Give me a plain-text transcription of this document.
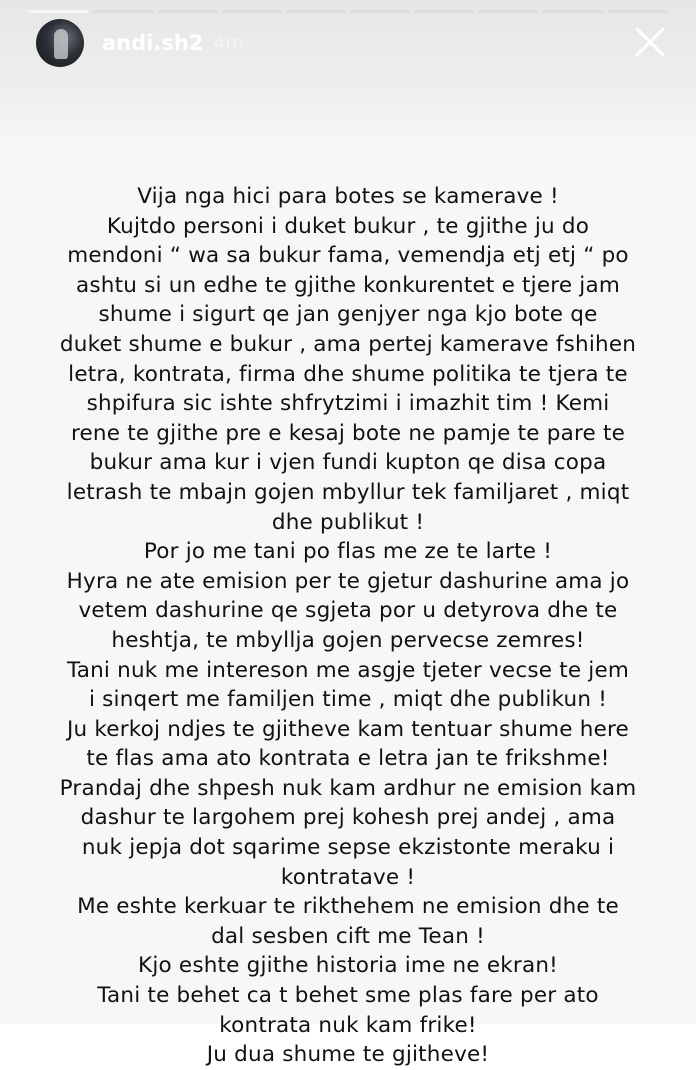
andi.sh2 4m
Vija nga hici para botes se kamerave !
Kujtdo personi i duket bukur , te gjithe ju do
mendoni “ wa sa bukur fama, vemendja etj etj “ po
ashtu si un edhe te gjithe konkurentet e tjere jam
shume i sigurt qe jan genjyer nga kjo bote qe
duket shume e bukur , ama pertej kamerave fshihen
letra, kontrata, firma dhe shume politika te tjera te
shpifura sic ishte shfrytzimi i imazhit tim ! Kemi
rene te gjithe pre e kesaj bote ne pamje te pare te
bukur ama kur i vjen fundi kupton qe disa copa
letrash te mbajn gojen mbyllur tek familjaret , miqt
dhe publikut !
Por jo me tani po flas me ze te larte !
Hyra ne ate emision per te gjetur dashurine ama jo
vetem dashurine qe sgjeta por u detyrova dhe te
heshtja, te mbyllja gojen pervecse zemres!
Tani nuk me intereson me asgje tjeter vecse te jem
i sinqert me familjen time , miqt dhe publikun !
Ju kerkoj ndjes te gjitheve kam tentuar shume here
te flas ama ato kontrata e letra jan te frikshme!
Prandaj dhe shpesh nuk kam ardhur ne emision kam
dashur te largohem prej kohesh prej andej , ama
nuk jepja dot sqarime sepse ekzistonte meraku i
kontratave !
Me eshte kerkuar te rikthehem ne emision dhe te
dal sesben cift me Tean !
Kjo eshte gjithe historia ime ne ekran!
Tani te behet ca t behet sme plas fare per ato
kontrata nuk kam frike!
Ju dua shume te gjitheve!
